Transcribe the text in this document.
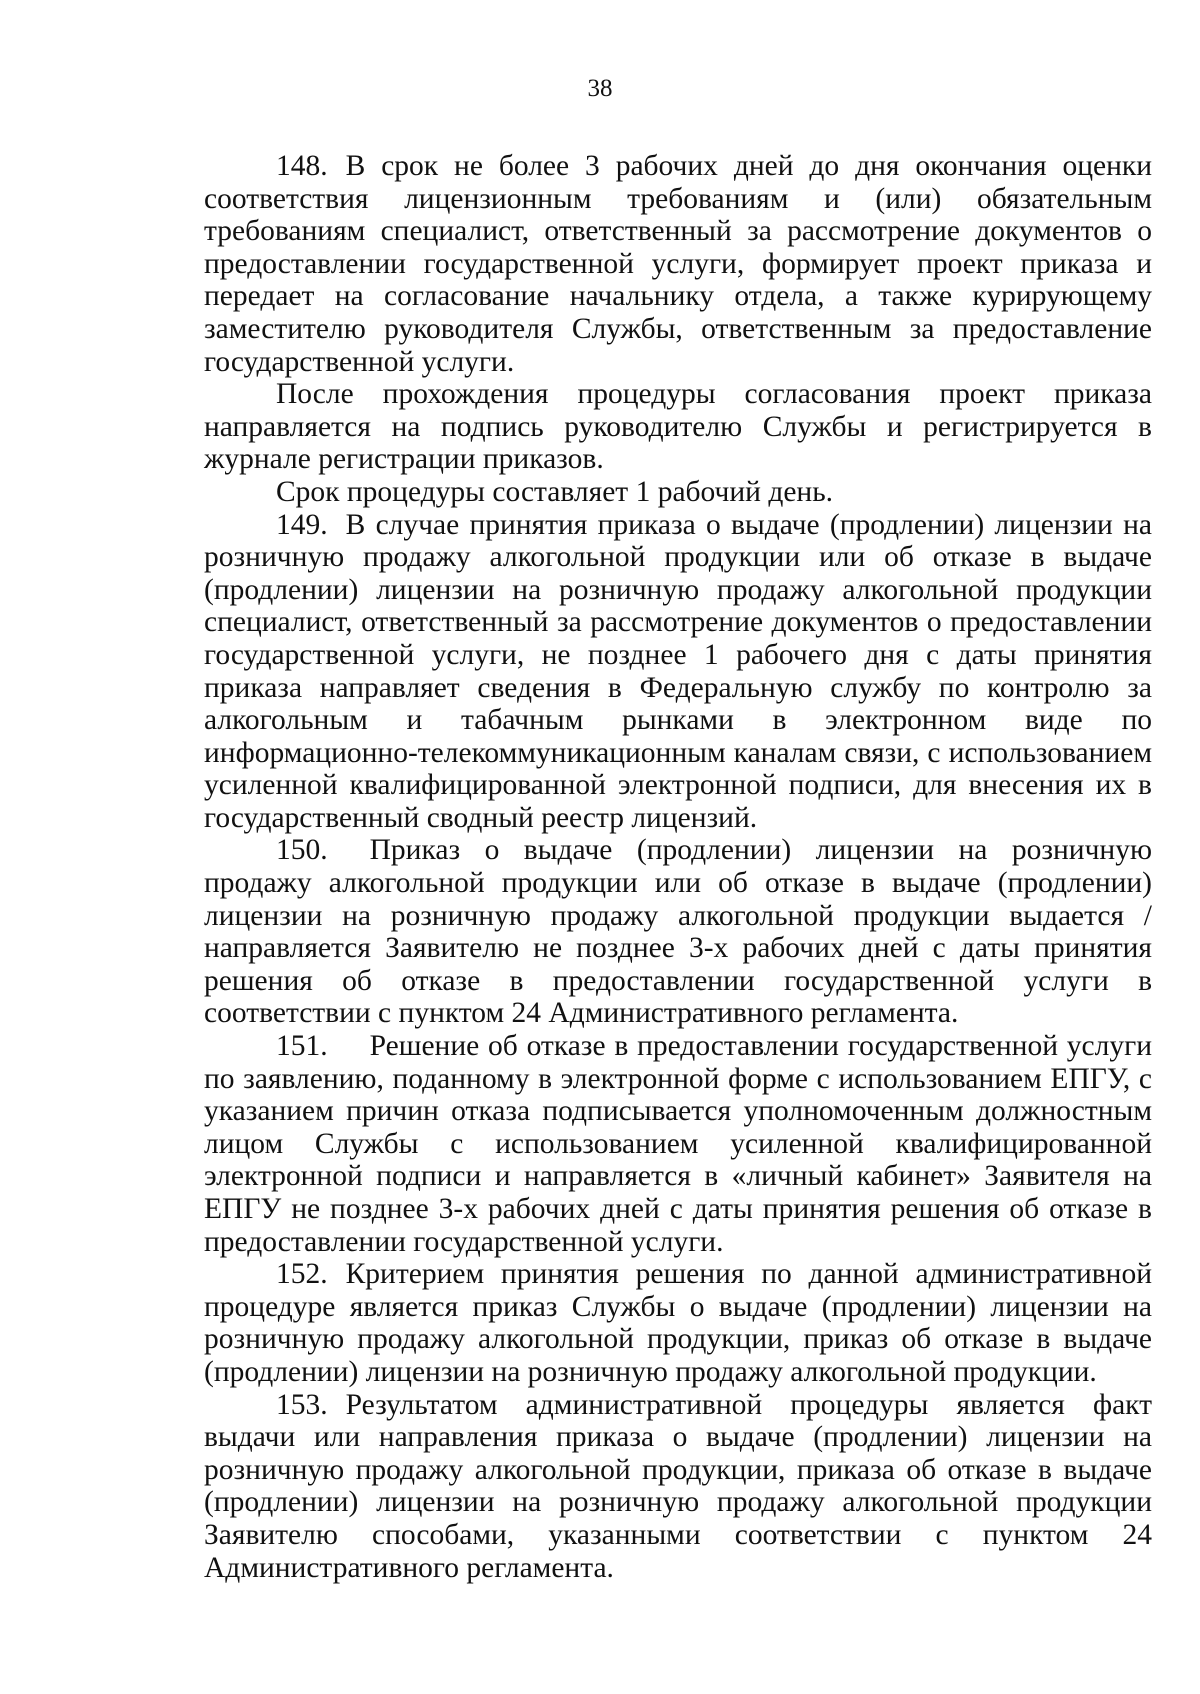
38

148. В срок не более 3 рабочих дней до дня окончания оценки соответствия лицензионным требованиям и (или) обязательным требованиям специалист, ответственный за рассмотрение документов о предоставлении государственной услуги, формирует проект приказа и передает на согласование начальнику отдела, а также курирующему заместителю руководителя Службы, ответственным за предоставление государственной услуги.

После прохождения процедуры согласования проект приказа направляется на подпись руководителю Службы и регистрируется в журнале регистрации приказов.

Срок процедуры составляет 1 рабочий день.

149. В случае принятия приказа о выдаче (продлении) лицензии на розничную продажу алкогольной продукции или об отказе в выдаче (продлении) лицензии на розничную продажу алкогольной продукции специалист, ответственный за рассмотрение документов о предоставлении государственной услуги, не позднее 1 рабочего дня с даты принятия приказа направляет сведения в Федеральную службу по контролю за алкогольным и табачным рынками в электронном виде по информационно-телекоммуникационным каналам связи, с использованием усиленной квалифицированной электронной подписи, для внесения их в государственный сводный реестр лицензий.

150. Приказ о выдаче (продлении) лицензии на розничную продажу алкогольной продукции или об отказе в выдаче (продлении) лицензии на розничную продажу алкогольной продукции выдается / направляется Заявителю не позднее 3-х рабочих дней с даты принятия решения об отказе в предоставлении государственной услуги в соответствии с пунктом 24 Административного регламента.

151. Решение об отказе в предоставлении государственной услуги по заявлению, поданному в электронной форме с использованием ЕПГУ, с указанием причин отказа подписывается уполномоченным должностным лицом Службы с использованием усиленной квалифицированной электронной подписи и направляется в «личный кабинет» Заявителя на ЕПГУ не позднее 3-х рабочих дней с даты принятия решения об отказе в предоставлении государственной услуги.

152. Критерием принятия решения по данной административной процедуре является приказ Службы о выдаче (продлении) лицензии на розничную продажу алкогольной продукции, приказ об отказе в выдаче (продлении) лицензии на розничную продажу алкогольной продукции.

153. Результатом административной процедуры является факт выдачи или направления приказа о выдаче (продлении) лицензии на розничную продажу алкогольной продукции, приказа об отказе в выдаче (продлении) лицензии на розничную продажу алкогольной продукции Заявителю способами, указанными соответствии с пунктом 24 Административного регламента.
